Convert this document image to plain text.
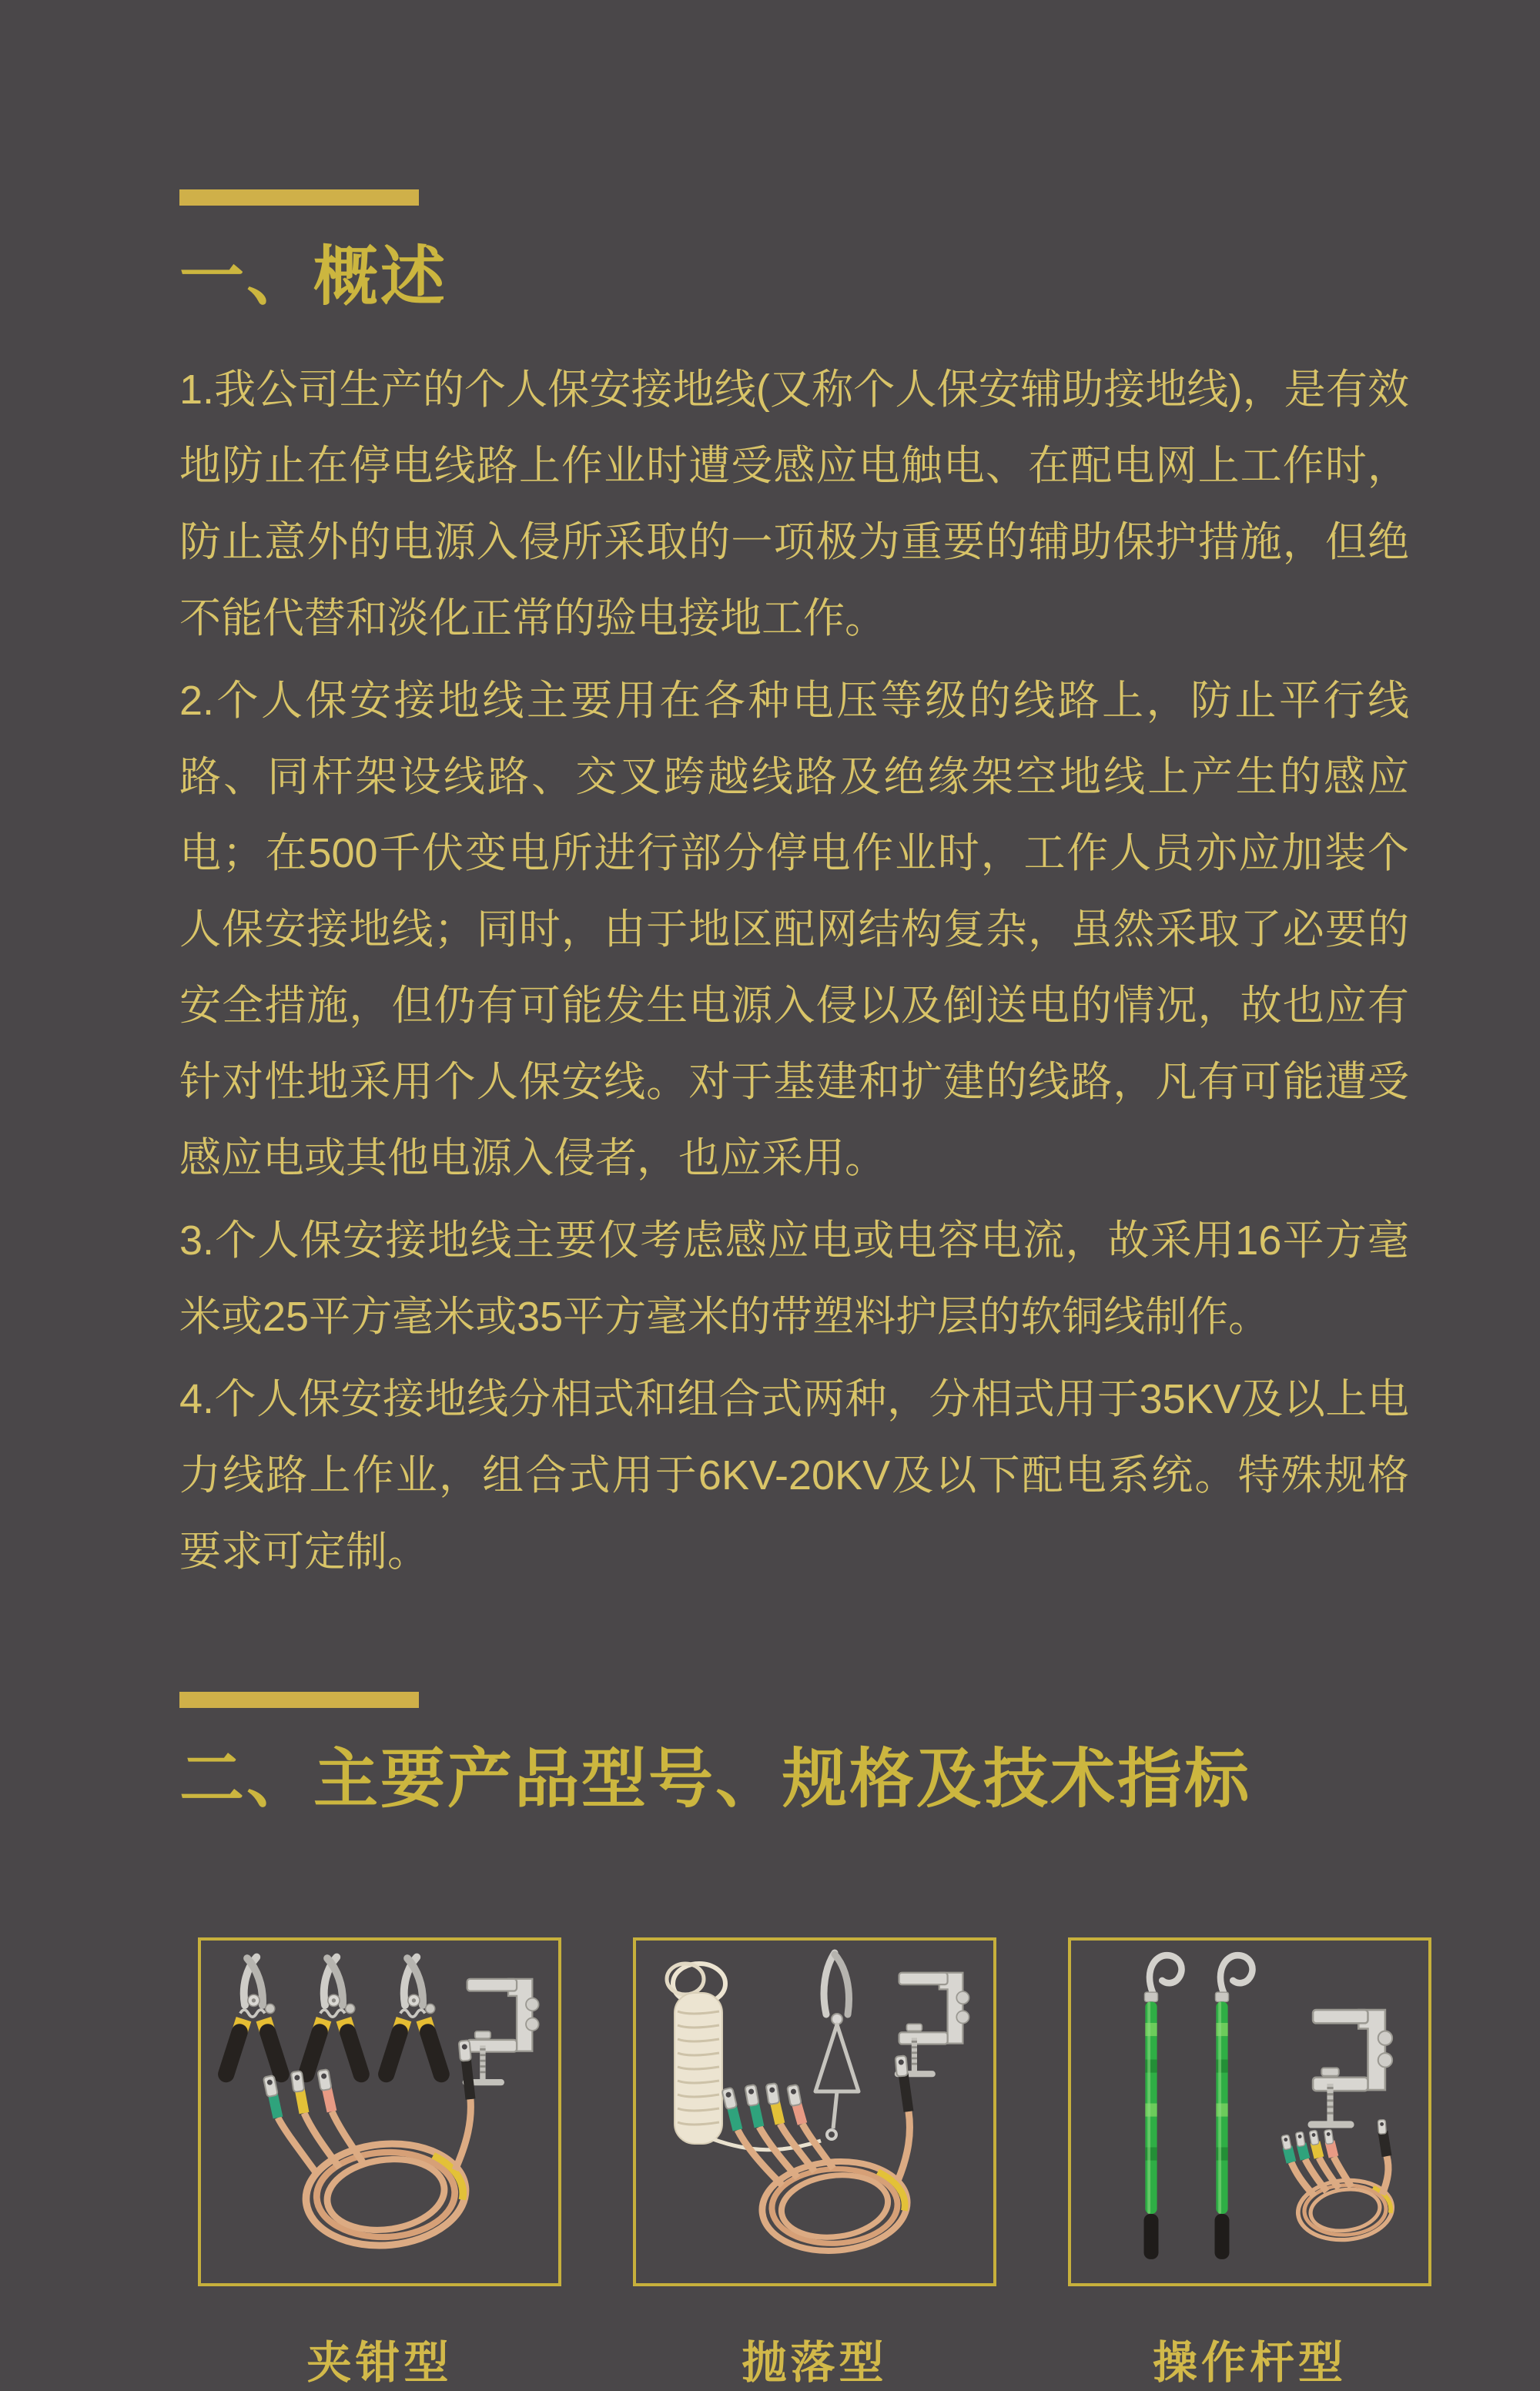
一、概述

1.我公司生产的个人保安接地线(又称个人保安辅助接地线)，是有效地防止在停电线路上作业时遭受感应电触电、在配电网上工作时，防止意外的电源入侵所采取的一项极为重要的辅助保护措施，但绝不能代替和淡化正常的验电接地工作。

2.个人保安接地线主要用在各种电压等级的线路上，防止平行线路、同杆架设线路、交叉跨越线路及绝缘架空地线上产生的感应电；在500千伏变电所进行部分停电作业时，工作人员亦应加装个人保安接地线；同时，由于地区配网结构复杂，虽然采取了必要的安全措施，但仍有可能发生电源入侵以及倒送电的情况，故也应有针对性地采用个人保安线。对于基建和扩建的线路，凡有可能遭受感应电或其他电源入侵者，也应采用。

3.个人保安接地线主要仅考虑感应电或电容电流，故采用16平方毫米或25平方毫米或35平方毫米的带塑料护层的软铜线制作。

4.个人保安接地线分相式和组合式两种，分相式用于35KV及以上电力线路上作业，组合式用于6KV-20KV及以下配电系统。特殊规格要求可定制。

二、主要产品型号、规格及技术指标
夹钳型	抛落型	操作杆型
